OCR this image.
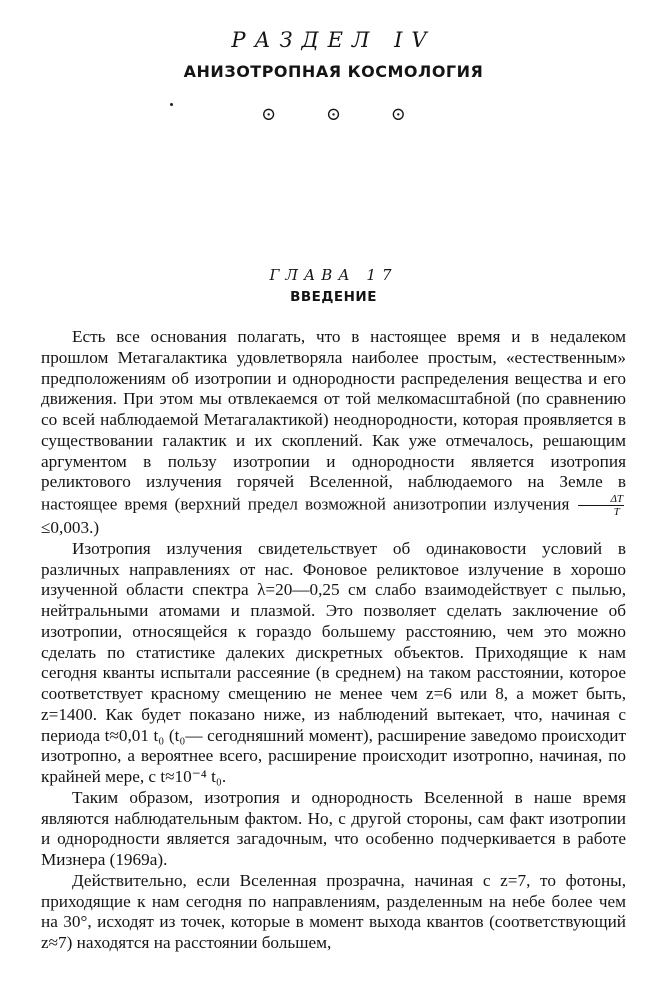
РАЗДЕЛ IV
АНИЗОТРОПНАЯ КОСМОЛОГИЯ
⊙ ⊙ ⊙
ГЛАВА 17
ВВЕДЕНИЕ

Есть все основания полагать, что в настоящее время и в недалеком прошлом Метагалактика удовлетворяла наиболее простым, «естественным» предположениям об изотропии и однородности распределения вещества и его движения. При этом мы отвлекаемся от той мелкомасштабной (по сравнению со всей наблюдаемой Метагалактикой) неоднородности, которая проявляется в существовании галактик и их скоплений. Как уже отмечалось, решающим аргументом в пользу изотропии и однородности является изотропия реликтового излучения горячей Вселенной, наблюдаемого на Земле в настоящее время (верхний предел возможной анизотропии излучения $\frac{\Delta T}{T}$
≤0,003.)

Изотропия излучения свидетельствует об одинаковости условий в различных направлениях от нас. Фоновое реликтовое излучение в хорошо изученной области спектра λ=20—0,25 см слабо взаимодействует с пылью, нейтральными атомами и плазмой. Это позволяет сделать заключение об изотропии, относящейся к гораздо большему расстоянию, чем это можно сделать по статистике далеких дискретных объектов. Приходящие к нам сегодня кванты испытали рассеяние (в среднем) на таком расстоянии, которое соответствует красному смещению не менее чем z=6 или 8, а может быть, z=1400. Как будет показано ниже, из наблюдений вытекает, что, начиная с периода t≈0,01 t₀ (t₀— сегодняшний момент), расширение заведомо происходит изотропно, а вероятнее всего, расширение происходит изотропно, начиная, по крайней мере, с t≈10⁻⁴ t₀.

Таким образом, изотропия и однородность Вселенной в наше время являются наблюдательным фактом. Но, с другой стороны, сам факт изотропии и однородности является загадочным, что особенно подчеркивается в работе Мизнера (1969а).

Действительно, если Вселенная прозрачна, начиная с z=7, то фотоны, приходящие к нам сегодня по направлениям, разделенным на небе более чем на 30°, исходят из точек, которые в момент выхода квантов (соответствующий z≈7) находятся на расстоянии большем,
